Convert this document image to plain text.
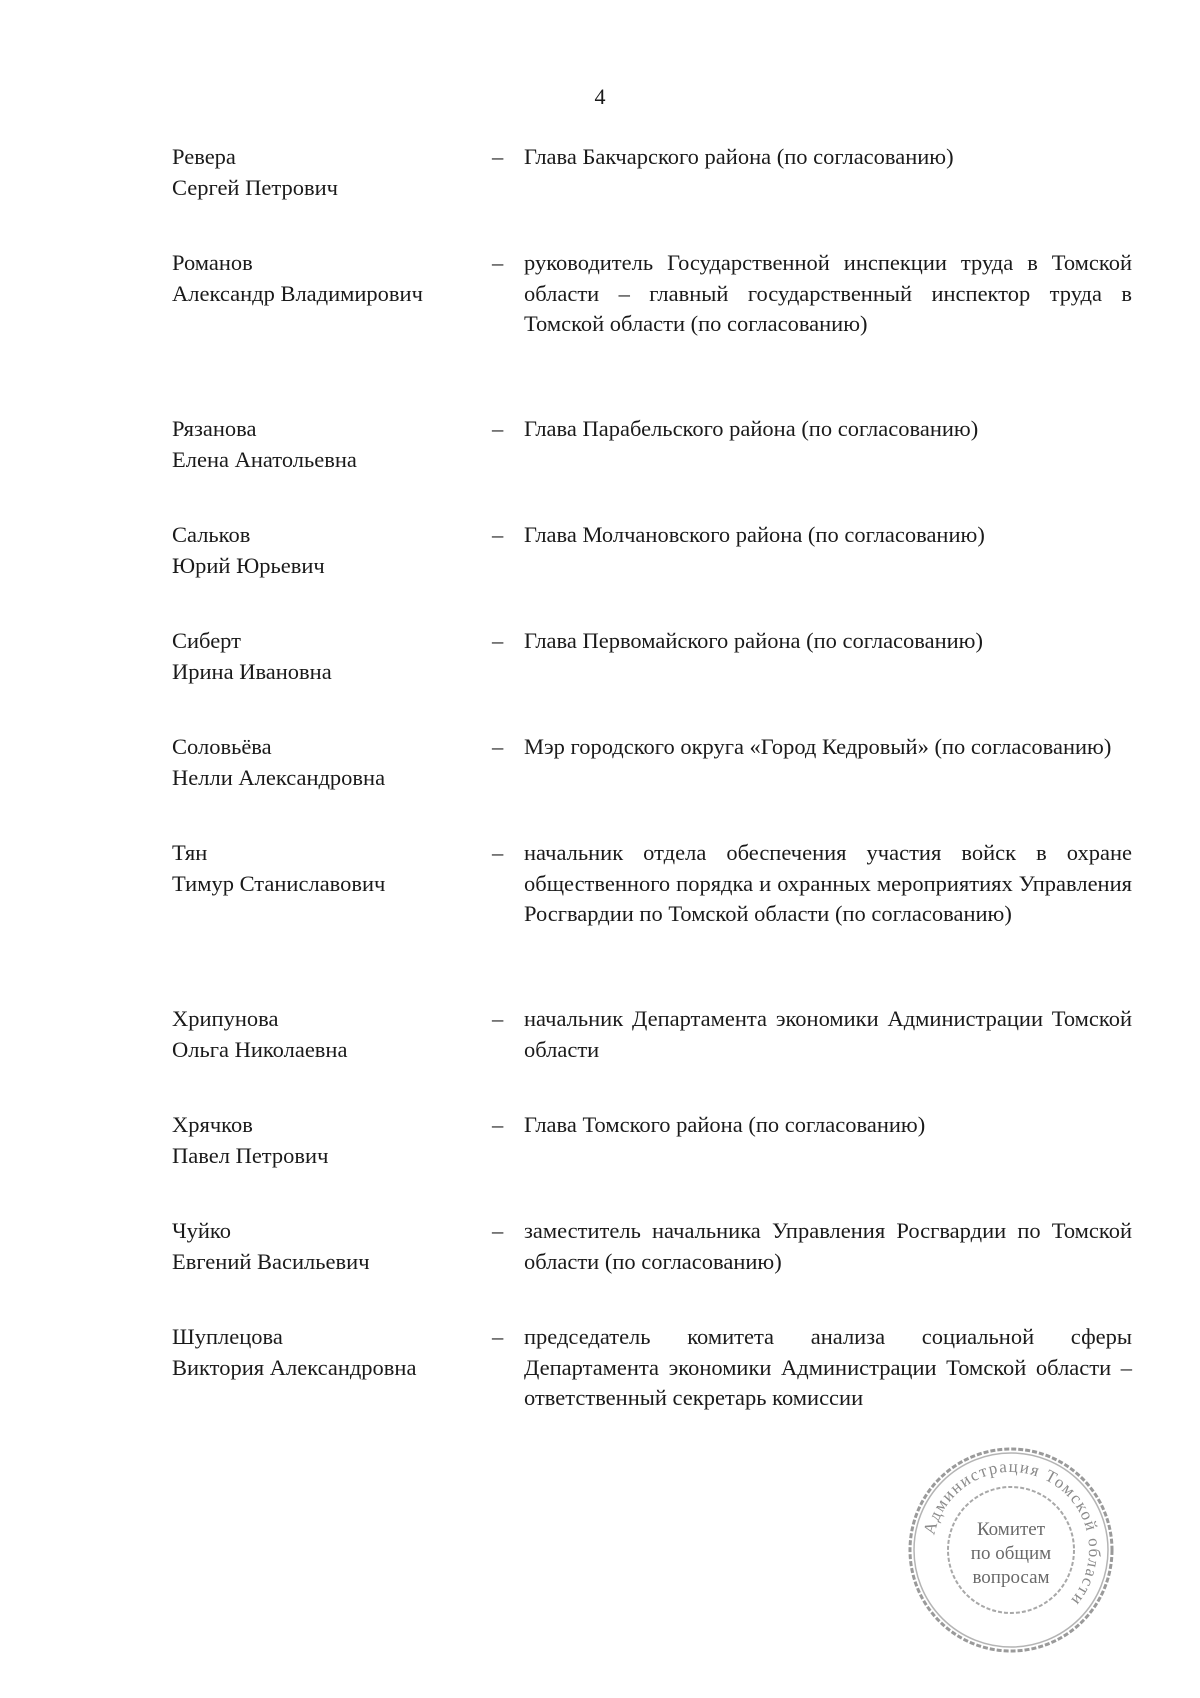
4
Ревера
Сергей Петрович
– Глава Бакчарского района (по согласованию)
Романов
Александр Владимирович
– руководитель Государственной инспекции труда в Томской области – главный государственный инспектор труда в Томской области (по согласованию)
Рязанова
Елена Анатольевна
– Глава Парабельского района (по согласованию)
Сальков
Юрий Юрьевич
– Глава Молчановского района (по согласованию)
Сиберт
Ирина Ивановна
– Глава Первомайского района (по согласованию)
Соловьёва
Нелли Александровна
– Мэр городского округа «Город Кедровый» (по согласованию)
Тян
Тимур Станиславович
– начальник отдела обеспечения участия войск в охране общественного порядка и охранных мероприятиях Управления Росгвардии по Томской области (по согласованию)
Хрипунова
Ольга Николаевна
– начальник Департамента экономики Администрации Томской области
Хрячков
Павел Петрович
– Глава Томского района (по согласованию)
Чуйко
Евгений Васильевич
– заместитель начальника Управления Росгвардии по Томской области (по согласованию)
Шуплецова
Виктория Александровна
– председатель комитета анализа социальной сферы Департамента экономики Администрации Томской области – ответственный секретарь комиссии
Администрация Томской области
Комитет
по общим
вопросам
